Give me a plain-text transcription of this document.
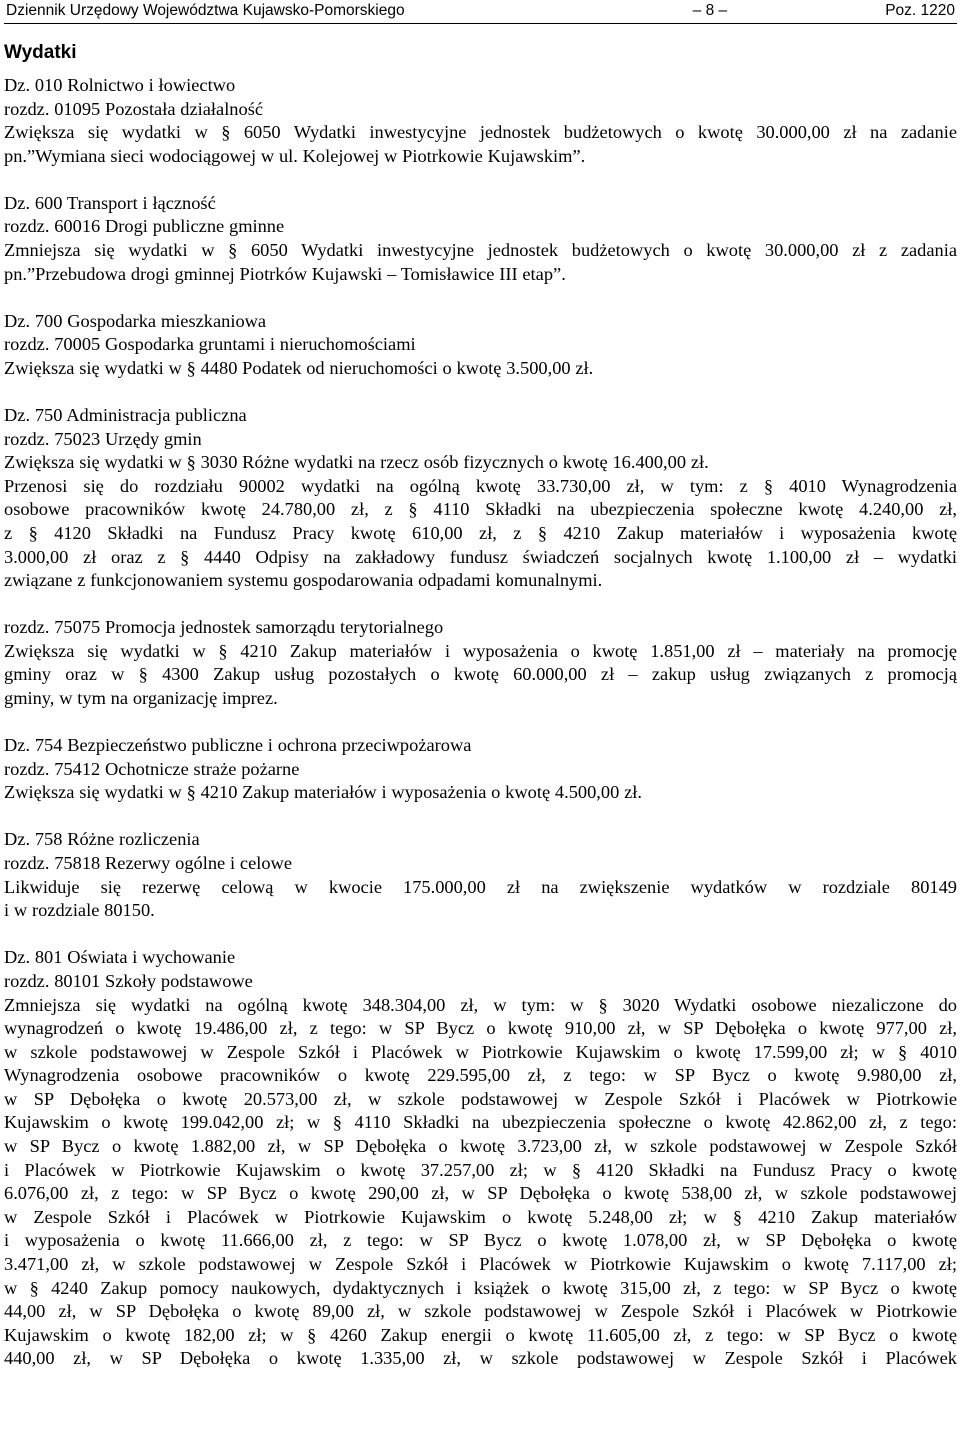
Dziennik Urzędowy Województwa Kujawsko-Pomorskiego	– 8 –	Poz. 1220
Wydatki
Dz. 010 Rolnictwo i łowiectwo
rozdz. 01095 Pozostała działalność
Zwiększa się wydatki w § 6050 Wydatki inwestycyjne jednostek budżetowych o kwotę 30.000,00 zł na zadanie
pn.”Wymiana sieci wodociągowej w ul. Kolejowej w Piotrkowie Kujawskim”.
Dz. 600 Transport i łączność
rozdz. 60016 Drogi publiczne gminne
Zmniejsza się wydatki w § 6050 Wydatki inwestycyjne jednostek budżetowych o kwotę 30.000,00 zł z zadania
pn.”Przebudowa drogi gminnej Piotrków Kujawski – Tomisławice III etap”.
Dz. 700 Gospodarka mieszkaniowa
rozdz. 70005 Gospodarka gruntami i nieruchomościami
Zwiększa się wydatki w § 4480 Podatek od nieruchomości o kwotę 3.500,00 zł.
Dz. 750 Administracja publiczna
rozdz. 75023 Urzędy gmin
Zwiększa się wydatki w § 3030 Różne wydatki na rzecz osób fizycznych o kwotę 16.400,00 zł.
Przenosi się do rozdziału 90002 wydatki na ogólną kwotę 33.730,00 zł, w tym: z § 4010 Wynagrodzenia
osobowe pracowników kwotę 24.780,00 zł, z § 4110 Składki na ubezpieczenia społeczne kwotę 4.240,00 zł,
z § 4120 Składki na Fundusz Pracy kwotę 610,00 zł, z § 4210 Zakup materiałów i wyposażenia kwotę
3.000,00 zł oraz z § 4440 Odpisy na zakładowy fundusz świadczeń socjalnych kwotę 1.100,00 zł – wydatki
związane z funkcjonowaniem systemu gospodarowania odpadami komunalnymi.
rozdz. 75075 Promocja jednostek samorządu terytorialnego
Zwiększa się wydatki w § 4210 Zakup materiałów i wyposażenia o kwotę 1.851,00 zł – materiały na promocję
gminy oraz w § 4300 Zakup usług pozostałych o kwotę 60.000,00 zł – zakup usług związanych z promocją
gminy, w tym na organizację imprez.
Dz. 754 Bezpieczeństwo publiczne i ochrona przeciwpożarowa
rozdz. 75412 Ochotnicze straże pożarne
Zwiększa się wydatki w § 4210 Zakup materiałów i wyposażenia o kwotę 4.500,00 zł.
Dz. 758 Różne rozliczenia
rozdz. 75818 Rezerwy ogólne i celowe
Likwiduje się rezerwę celową w kwocie 175.000,00 zł na zwiększenie wydatków w rozdziale 80149
i w rozdziale 80150.
Dz. 801 Oświata i wychowanie
rozdz. 80101 Szkoły podstawowe
Zmniejsza się wydatki na ogólną kwotę 348.304,00 zł, w tym: w § 3020 Wydatki osobowe niezaliczone do
wynagrodzeń o kwotę 19.486,00 zł, z tego: w SP Bycz o kwotę 910,00 zł, w SP Dębołęka o kwotę 977,00 zł,
w szkole podstawowej w Zespole Szkół i Placówek w Piotrkowie Kujawskim o kwotę 17.599,00 zł; w § 4010
Wynagrodzenia osobowe pracowników o kwotę 229.595,00 zł, z tego: w SP Bycz o kwotę 9.980,00 zł,
w SP Dębołęka o kwotę 20.573,00 zł, w szkole podstawowej w Zespole Szkół i Placówek w Piotrkowie
Kujawskim o kwotę 199.042,00 zł; w § 4110 Składki na ubezpieczenia społeczne o kwotę 42.862,00 zł, z tego:
w SP Bycz o kwotę 1.882,00 zł, w SP Dębołęka o kwotę 3.723,00 zł, w szkole podstawowej w Zespole Szkół
i Placówek w Piotrkowie Kujawskim o kwotę 37.257,00 zł; w § 4120 Składki na Fundusz Pracy o kwotę
6.076,00 zł, z tego: w SP Bycz o kwotę 290,00 zł, w SP Dębołęka o kwotę 538,00 zł, w szkole podstawowej
w Zespole Szkół i Placówek w Piotrkowie Kujawskim o kwotę 5.248,00 zł; w § 4210 Zakup materiałów
i wyposażenia o kwotę 11.666,00 zł, z tego: w SP Bycz o kwotę 1.078,00 zł, w SP Dębołęka o kwotę
3.471,00 zł, w szkole podstawowej w Zespole Szkół i Placówek w Piotrkowie Kujawskim o kwotę 7.117,00 zł;
w § 4240 Zakup pomocy naukowych, dydaktycznych i książek o kwotę 315,00 zł, z tego: w SP Bycz o kwotę
44,00 zł, w SP Dębołęka o kwotę 89,00 zł, w szkole podstawowej w Zespole Szkół i Placówek w Piotrkowie
Kujawskim o kwotę 182,00 zł; w § 4260 Zakup energii o kwotę 11.605,00 zł, z tego: w SP Bycz o kwotę
440,00 zł, w SP Dębołęka o kwotę 1.335,00 zł, w szkole podstawowej w Zespole Szkół i Placówek
